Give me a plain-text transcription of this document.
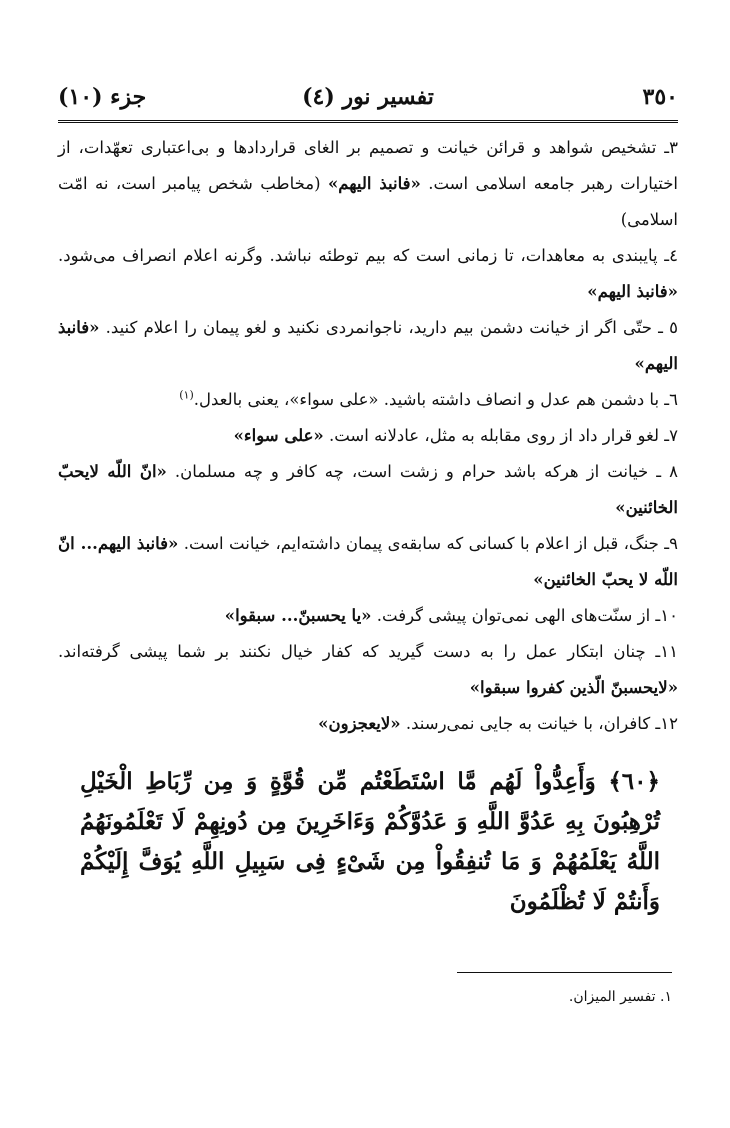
٣٥٠
تفسير نور (٤)
جزء (١٠)

٣ـ تشخيص شواهد و قرائن خيانت و تصميم بر الغاى قراردادها و بى‌اعتبارى تعهّدات، از اختيارات رهبر جامعه اسلامى است. «فانبذ اليهم» (مخاطب شخص پيامبر است، نه امّت اسلامى)

٤ـ پايبندى به معاهدات، تا زمانى است كه بيم توطئه نباشد. وگرنه اعلام انصراف مى‌شود. «فانبذ اليهم»

٥ ـ حتّى اگر از خيانت دشمن بيم داريد، ناجوانمردى نكنيد و لغو پيمان را اعلام كنيد. «فانبذ اليهم»

٦ـ با دشمن هم عدل و انصاف داشته باشيد. «على سواء»، يعنى بالعدل.$^{(١)}$

٧ـ لغو قرار داد از روى مقابله به مثل، عادلانه است. «على سواء»

٨ ـ خيانت از هركه باشد حرام و زشت است، چه كافر و چه مسلمان. «انّ اللّه لايحبّ الخائنين»

٩ـ جنگ، قبل از اعلام با كسانى كه سابقه‌ى پيمان داشته‌ايم، خيانت است. «فانبذ اليهم... انّ اللّه لا يحبّ الخائنين»

١٠ـ از سنّت‌هاى الهى نمى‌توان پيشى گرفت. «يا يحسبنّ... سبقوا»

١١ـ چنان ابتكار عمل را به دست گيريد كه كفار خيال نكنند بر شما پيشى گرفته‌اند. «لايحسبنّ الّذين كفروا سبقوا»

١٢ـ كافران، با خيانت به جايى نمى‌رسند. «لايعجزون»

﴿٦٠﴾ وَأَعِدُّواْ لَهُم مَّا اسْتَطَعْتُم مِّن قُوَّةٍ وَ مِن رِّبَاطِ الْخَيْلِ تُرْهِبُونَ بِهِ عَدُوَّ اللَّهِ وَ عَدُوَّكُمْ وَءَاخَرِينَ مِن دُونِهِمْ لَا تَعْلَمُونَهُمُ اللَّهُ يَعْلَمُهُمْ وَ مَا تُنفِقُواْ مِن شَىْءٍ فِى سَبِيلِ اللَّهِ يُوَفَّ إِلَيْكُمْ وَأَنتُمْ لَا تُظْلَمُونَ
١. تفسير الميزان.
